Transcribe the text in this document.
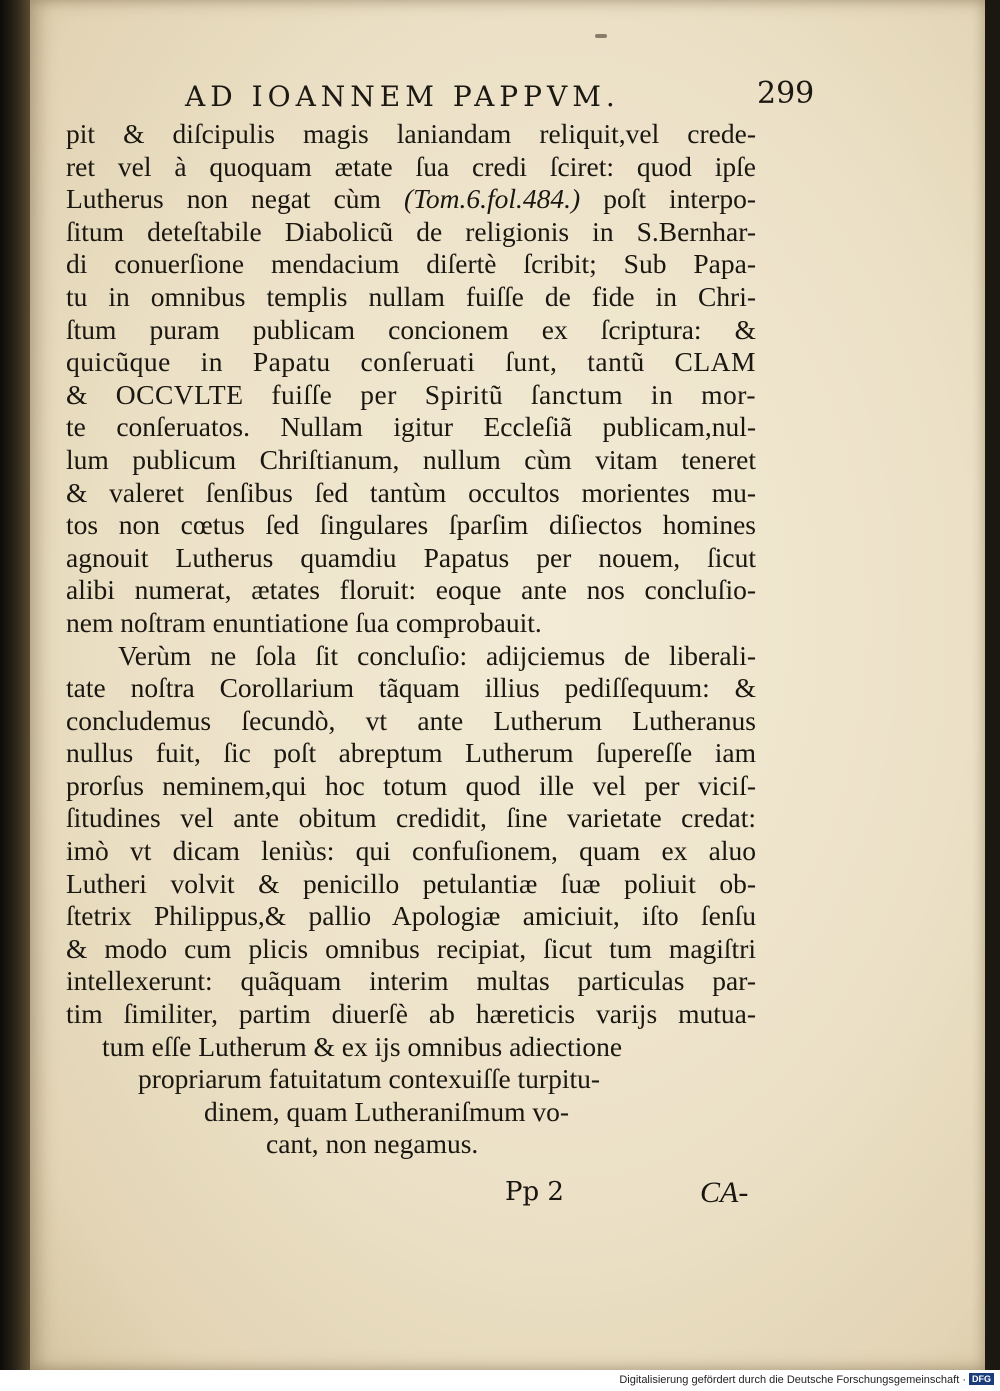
AD IOANNEM PAPPVM.	299
pit & diſcipulis magis laniandam reliquit,vel crede-
ret vel à quoquam ætate ſua credi ſciret: quod ipſe
Lutherus non negat cùm (Tom.6.fol.484.) poſt interpo-
ſitum deteſtabile Diabolicũ de religionis in S.Bernhar-
di conuerſione mendacium diſertè ſcribit; Sub Papa-
tu in omnibus templis nullam fuiſſe de fide in Chri-
ſtum puram publicam concionem ex ſcriptura: &
quicũque in Papatu conſeruati ſunt, tantũ CLAM
& OCCVLTE fuiſſe per Spiritũ ſanctum in mor-
te conſeruatos. Nullam igitur Eccleſiã publicam,nul-
lum publicum Chriſtianum, nullum cùm vitam teneret
& valeret ſenſibus ſed tantùm occultos morientes mu-
tos non cœtus ſed ſingulares ſparſim diſiectos homines
agnouit Lutherus quamdiu Papatus per nouem, ſicut
alibi numerat, ætates floruit: eoque ante nos concluſio-
nem noſtram enuntiatione ſua comprobauit.
Verùm ne ſola ſit concluſio: adijciemus de liberali-
tate noſtra Corollarium tãquam illius pediſſequum: &
concludemus ſecundò, vt ante Lutherum Lutheranus
nullus fuit, ſic poſt abreptum Lutherum ſupereſſe iam
prorſus neminem,qui hoc totum quod ille vel per viciſ-
ſitudines vel ante obitum credidit, ſine varietate credat:
imò vt dicam leniùs: qui confuſionem, quam ex aluo
Lutheri volvit & penicillo petulantiæ ſuæ poliuit ob-
ſtetrix Philippus,& pallio Apologiæ amiciuit, iſto ſenſu
& modo cum plicis omnibus recipiat, ſicut tum magiſtri
intellexerunt: quãquam interim multas particulas par-
tim ſimiliter, partim diuerſè ab hæreticis varijs mutua-
tum eſſe Lutherum & ex ijs omnibus adiectione
propriarum fatuitatum contexuiſſe turpitu-
dinem, quam Lutheraniſmum vo-
cant, non negamus.
Pp 2	CA-
Digitalisierung gefördert durch die Deutsche Forschungsgemeinschaft · DFG
